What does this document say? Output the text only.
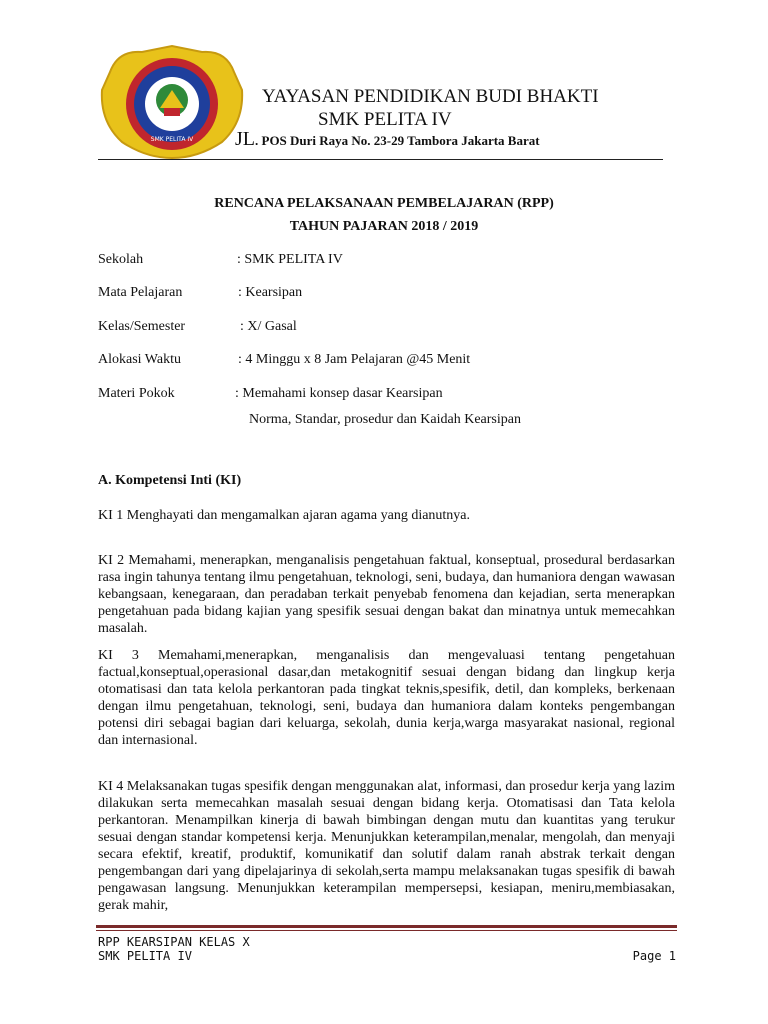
SMK PELITA IV
YAYASAN PENDIDIKAN BUDI BHAKTI
SMK PELITA IV
JL. POS Duri Raya No. 23-29 Tambora Jakarta Barat
RENCANA PELAKSANAAN PEMBELAJARAN (RPP)
TAHUN PAJARAN 2018 / 2019
Sekolah	: SMK PELITA IV
Mata Pelajaran	: Kearsipan
Kelas/Semester	: X/ Gasal
Alokasi Waktu	: 4 Minggu x 8 Jam Pelajaran @45 Menit
Materi Pokok	: Memahami konsep dasar Kearsipan
Norma, Standar, prosedur dan Kaidah Kearsipan
A. Kompetensi Inti (KI)
KI 1 Menghayati dan mengamalkan ajaran agama yang dianutnya.
KI 2 Memahami, menerapkan, menganalisis pengetahuan faktual, konseptual, prosedural berdasarkan rasa ingin tahunya tentang ilmu pengetahuan, teknologi, seni, budaya, dan humaniora dengan wawasan kebangsaan, kenegaraan, dan peradaban terkait penyebab fenomena dan kejadian, serta menerapkan pengetahuan pada bidang kajian yang spesifik sesuai dengan bakat dan minatnya untuk memecahkan masalah.
KI 3 Memahami,menerapkan, menganalisis dan mengevaluasi tentang pengetahuan factual,konseptual,operasional dasar,dan metakognitif sesuai dengan bidang dan lingkup kerja otomatisasi dan tata kelola perkantoran pada tingkat teknis,spesifik, detil, dan kompleks, berkenaan dengan ilmu pengetahuan, teknologi, seni, budaya dan humaniora dalam konteks pengembangan potensi diri sebagai bagian dari keluarga, sekolah, dunia kerja,warga masyarakat nasional, regional dan internasional.
KI 4 Melaksanakan tugas spesifik dengan menggunakan alat, informasi, dan prosedur kerja yang lazim dilakukan serta memecahkan masalah sesuai dengan bidang kerja. Otomatisasi dan Tata kelola perkantoran. Menampilkan kinerja di bawah bimbingan dengan mutu dan kuantitas yang terukur sesuai dengan standar kompetensi kerja. Menunjukkan keterampilan,menalar, mengolah, dan menyaji secara efektif, kreatif, produktif, komunikatif dan solutif dalam ranah abstrak terkait dengan pengembangan dari yang dipelajarinya di sekolah,serta mampu melaksanakan tugas spesifik di bawah pengawasan langsung. Menunjukkan keterampilan mempersepsi, kesiapan, meniru,membiasakan, gerak mahir,
RPP KEARSIPAN KELAS X
SMK PELITA IV	Page 1
